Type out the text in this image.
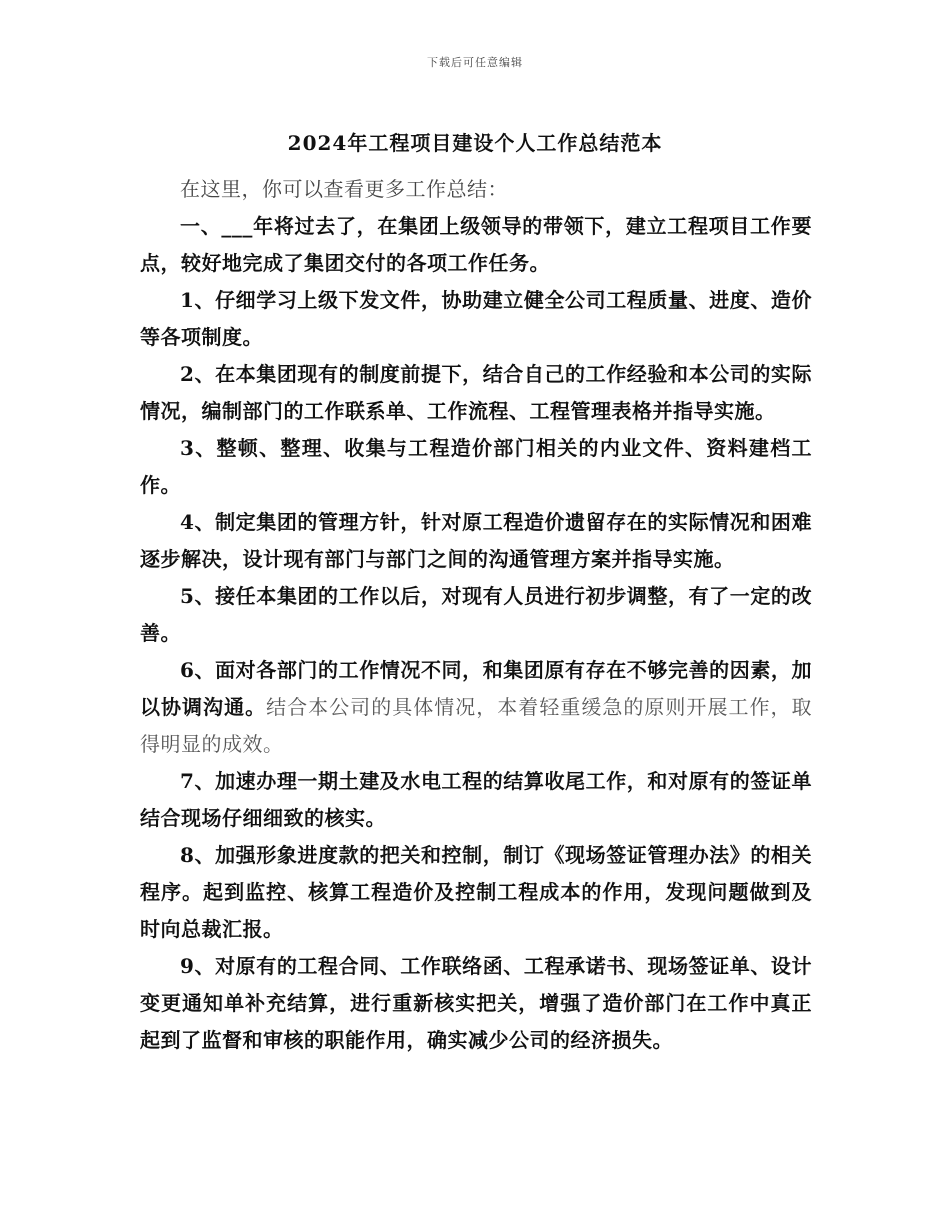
下载后可任意编辑
2024年工程项目建设个人工作总结范本

在这里，你可以查看更多工作总结：

一、___年将过去了，在集团上级领导的带领下，建立工程项目工作要点，较好地完成了集团交付的各项工作任务。

1、仔细学习上级下发文件，协助建立健全公司工程质量、进度、造价等各项制度。

2、在本集团现有的制度前提下，结合自己的工作经验和本公司的实际情况，编制部门的工作联系单、工作流程、工程管理表格并指导实施。

3、整顿、整理、收集与工程造价部门相关的内业文件、资料建档工作。

4、制定集团的管理方针，针对原工程造价遗留存在的实际情况和困难逐步解决，设计现有部门与部门之间的沟通管理方案并指导实施。

5、接任本集团的工作以后，对现有人员进行初步调整，有了一定的改善。

6、面对各部门的工作情况不同，和集团原有存在不够完善的因素，加以协调沟通。结合本公司的具体情况，本着轻重缓急的原则开展工作，取得明显的成效。

7、加速办理一期土建及水电工程的结算收尾工作，和对原有的签证单结合现场仔细细致的核实。

8、加强形象进度款的把关和控制，制订《现场签证管理办法》的相关程序。起到监控、核算工程造价及控制工程成本的作用，发现问题做到及时向总裁汇报。

9、对原有的工程合同、工作联络函、工程承诺书、现场签证单、设计变更通知单补充结算，进行重新核实把关，增强了造价部门在工作中真正起到了监督和审核的职能作用，确实减少公司的经济损失。
